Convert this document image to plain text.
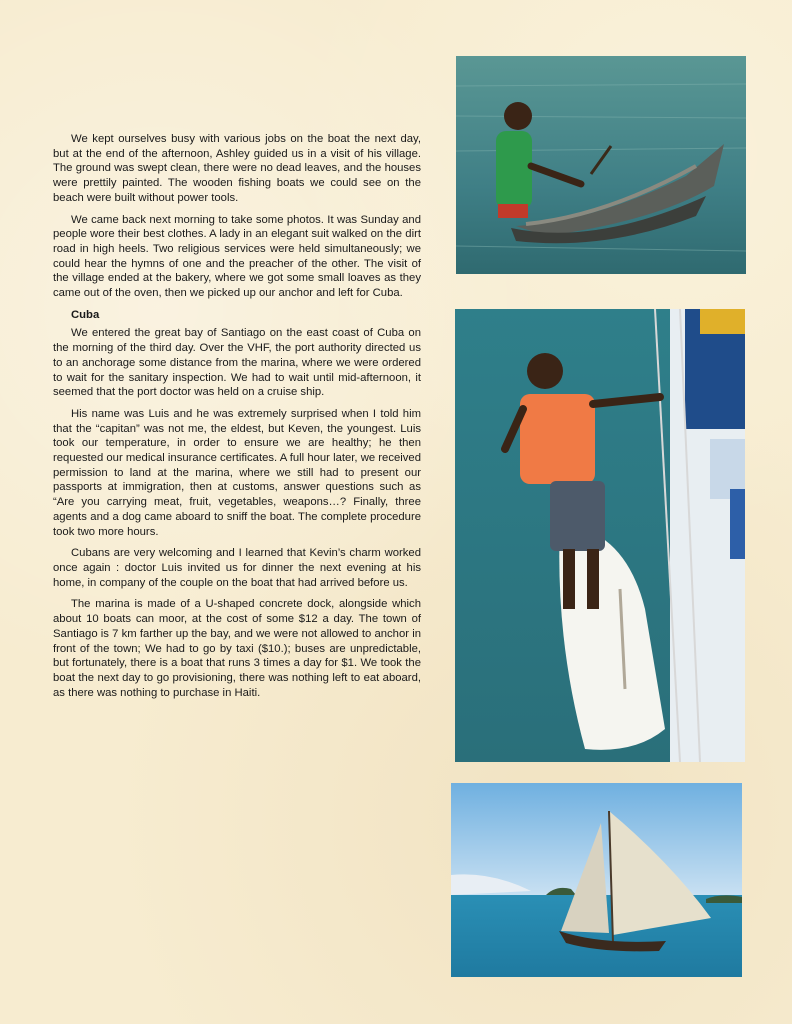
We kept ourselves busy with various jobs on the boat the next day, but at the end of the afternoon, Ashley guided us in a visit of his village. The ground was swept clean, there were no dead leaves, and the houses were prettily painted. The wooden fishing boats we could see on the beach were built without power tools.

We came back next morning to take some photos. It was Sunday and people wore their best clothes. A lady in an elegant suit walked on the dirt road in high heels. Two religious services were held simultaneously; we could hear the hymns of one and the preacher of the other. The visit of the village ended at the bakery, where we got some small loaves as they came out of the oven, then we picked up our anchor and left for Cuba.

Cuba

We entered the great bay of Santiago on the east coast of Cuba on the morning of the third day. Over the VHF, the port authority directed us to an anchorage some distance from the marina, where we were ordered to wait for the sanitary inspection. We had to wait until mid-afternoon, it seemed that the port doctor was held on a cruise ship.

His name was Luis and he was extremely surprised when I told him that the “capitan” was not me, the eldest, but Keven, the youngest. Luis took our temperature, in order to ensure we are healthy; he then requested our medical insurance certificates. A full hour later, we received permission to land at the marina, where we still had to present our passports at immigration, then at customs, answer questions such as “Are you carrying meat, fruit, vegetables, weapons…? Finally, three agents and a dog came aboard to sniff the boat. The complete procedure took two more hours.

Cubans are very welcoming and I learned that Kevin’s charm worked once again : doctor Luis invited us for dinner the next evening at his home, in company of the couple on the boat that had arrived before us.

The marina is made of a U-shaped concrete dock, alongside which about 10 boats can moor, at the cost of some $12 a day. The town of Santiago is 7 km farther up the bay, and we were not allowed to anchor in front of the town; We had to go by taxi ($10.); buses are unpredictable, but fortunately, there is a boat that runs 3 times a day for $1. We took the boat the next day to go provisioning, there was nothing left to eat aboard, as there was nothing to purchase in Haiti.
